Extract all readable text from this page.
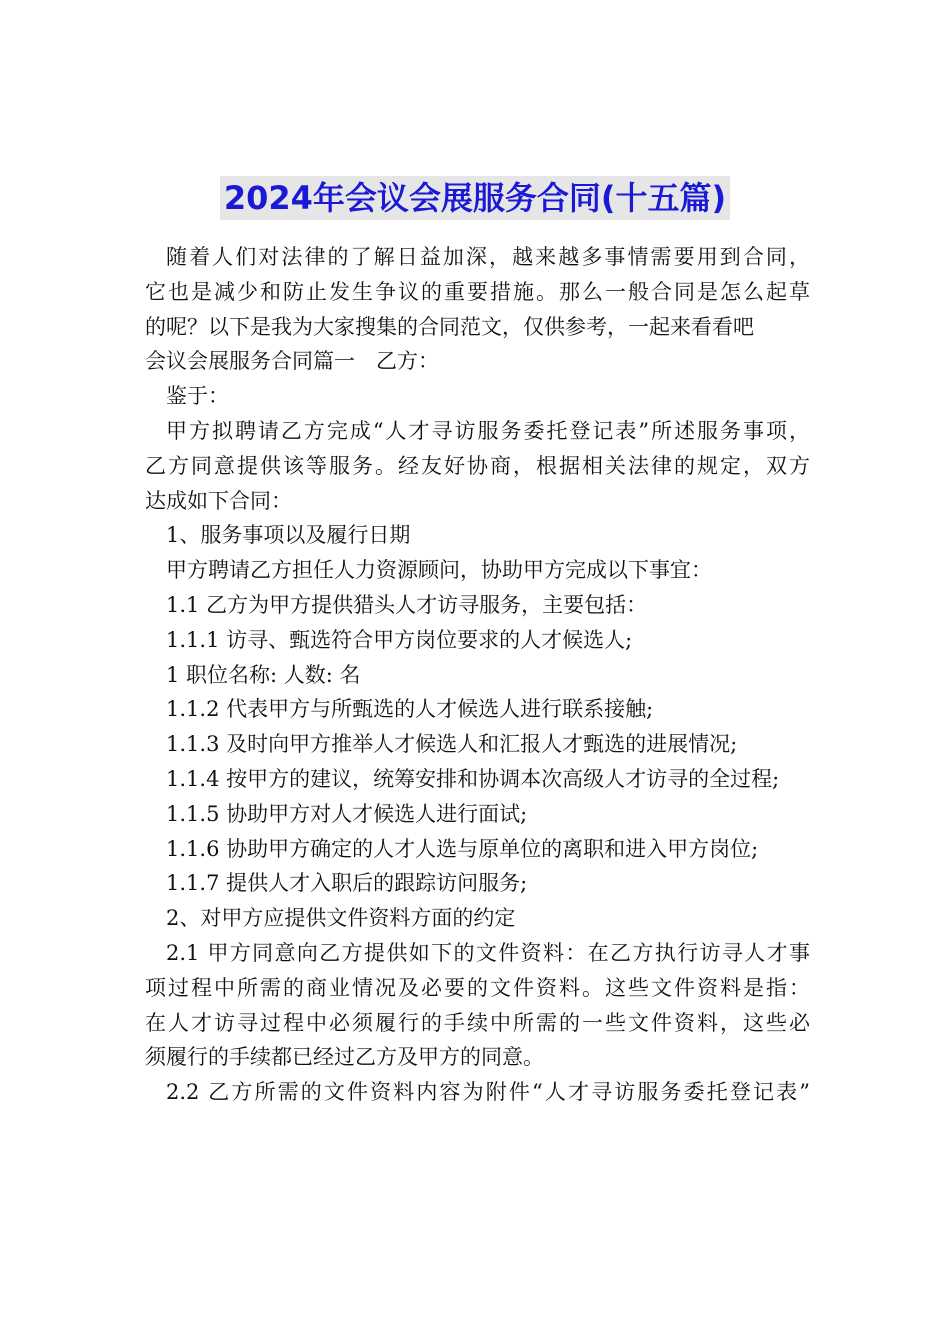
2024年会议会展服务合同(十五篇)
随着人们对法律的了解日益加深，越来越多事情需要用到合同，
它也是减少和防止发生争议的重要措施。那么一般合同是怎么起草
的呢？以下是我为大家搜集的合同范文，仅供参考，一起来看看吧
会议会展服务合同篇一　乙方：
鉴于：
甲方拟聘请乙方完成“人才寻访服务委托登记表”所述服务事项，
乙方同意提供该等服务。经友好协商，根据相关法律的规定，双方
达成如下合同：
1、服务事项以及履行日期
甲方聘请乙方担任人力资源顾问，协助甲方完成以下事宜：
1.1 乙方为甲方提供猎头人才访寻服务，主要包括：
1.1.1 访寻、甄选符合甲方岗位要求的人才候选人;
1 职位名称: 人数: 名
1.1.2 代表甲方与所甄选的人才候选人进行联系接触;
1.1.3 及时向甲方推举人才候选人和汇报人才甄选的进展情况;
1.1.4 按甲方的建议，统筹安排和协调本次高级人才访寻的全过程;
1.1.5 协助甲方对人才候选人进行面试;
1.1.6 协助甲方确定的人才人选与原单位的离职和进入甲方岗位;
1.1.7 提供人才入职后的跟踪访问服务;
2、对甲方应提供文件资料方面的约定
2.1 甲方同意向乙方提供如下的文件资料：在乙方执行访寻人才事
项过程中所需的商业情况及必要的文件资料。这些文件资料是指：
在人才访寻过程中必须履行的手续中所需的一些文件资料，这些必
须履行的手续都已经过乙方及甲方的同意。
2.2 乙方所需的文件资料内容为附件“人才寻访服务委托登记表”
